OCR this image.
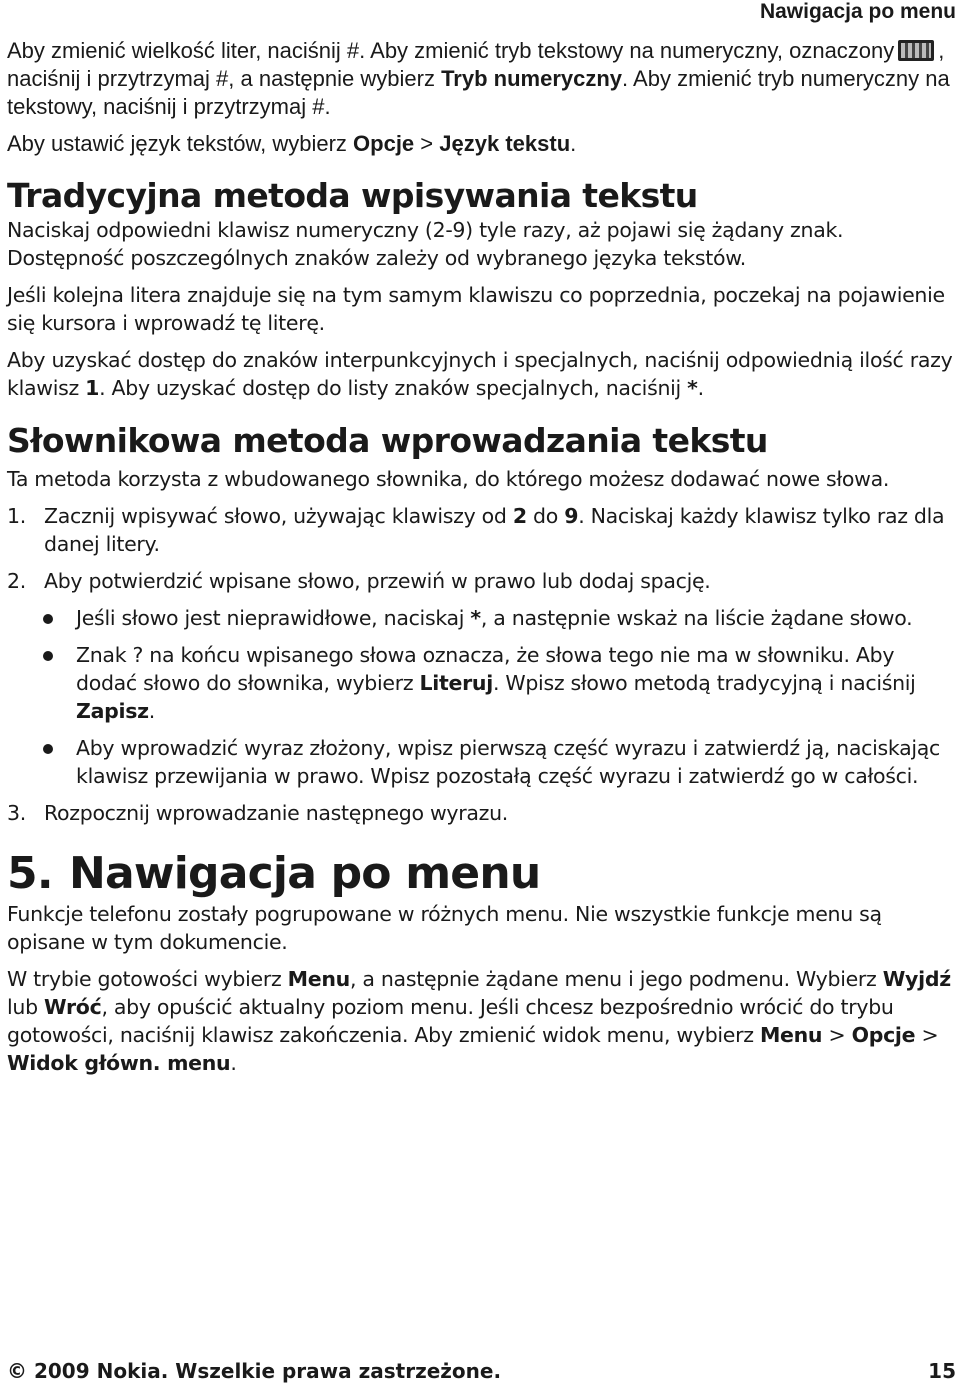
Nawigacja po menu

Aby zmienić wielkość liter, naciśnij #. Aby zmienić tryb tekstowy na numeryczny, oznaczony , naciśnij i przytrzymaj #, a następnie wybierz Tryb numeryczny. Aby zmienić tryb numeryczny na tekstowy, naciśnij i przytrzymaj #.

Aby ustawić język tekstów, wybierz Opcje > Język tekstu.

Tradycyjna metoda wpisywania tekstu

Naciskaj odpowiedni klawisz numeryczny (2-9) tyle razy, aż pojawi się żądany znak. Dostępność poszczególnych znaków zależy od wybranego języka tekstów.

Jeśli kolejna litera znajduje się na tym samym klawiszu co poprzednia, poczekaj na pojawienie się kursora i wprowadź tę literę.

Aby uzyskać dostęp do znaków interpunkcyjnych i specjalnych, naciśnij odpowiednią ilość razy klawisz 1. Aby uzyskać dostęp do listy znaków specjalnych, naciśnij *.

Słownikowa metoda wprowadzania tekstu

Ta metoda korzysta z wbudowanego słownika, do którego możesz dodawać nowe słowa.

1. Zacznij wpisywać słowo, używając klawiszy od 2 do 9. Naciskaj każdy klawisz tylko raz dla danej litery.
2. Aby potwierdzić wpisane słowo, przewiń w prawo lub dodaj spację.
Jeśli słowo jest nieprawidłowe, naciskaj *, a następnie wskaż na liście żądane słowo.
Znak ? na końcu wpisanego słowa oznacza, że słowa tego nie ma w słowniku. Aby dodać słowo do słownika, wybierz Literuj. Wpisz słowo metodą tradycyjną i naciśnij Zapisz.
Aby wprowadzić wyraz złożony, wpisz pierwszą część wyrazu i zatwierdź ją, naciskając klawisz przewijania w prawo. Wpisz pozostałą część wyrazu i zatwierdź go w całości.
3. Rozpocznij wprowadzanie następnego wyrazu.
5. Nawigacja po menu

Funkcje telefonu zostały pogrupowane w różnych menu. Nie wszystkie funkcje menu są opisane w tym dokumencie.

W trybie gotowości wybierz Menu, a następnie żądane menu i jego podmenu. Wybierz Wyjdź lub Wróć, aby opuścić aktualny poziom menu. Jeśli chcesz bezpośrednio wrócić do trybu gotowości, naciśnij klawisz zakończenia. Aby zmienić widok menu, wybierz Menu > Opcje > Widok główn. menu.

© 2009 Nokia. Wszelkie prawa zastrzeżone.	15
